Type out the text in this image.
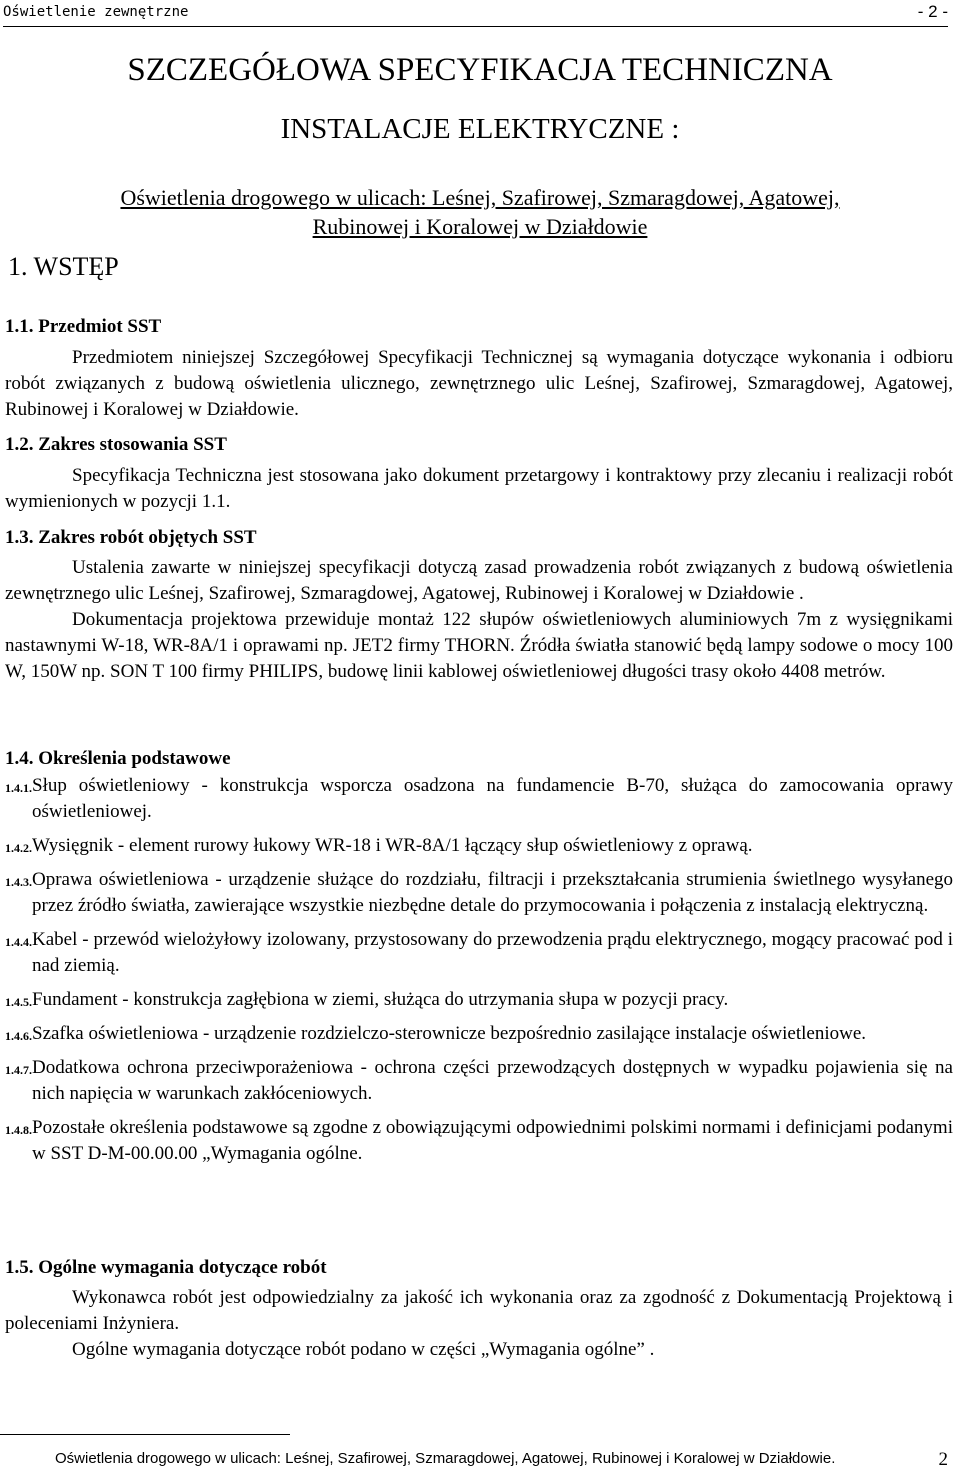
Oświetlenie zewnętrzne	- 2 -
SZCZEGÓŁOWA SPECYFIKACJA TECHNICZNA
INSTALACJE ELEKTRYCZNE :
Oświetlenia drogowego w ulicach: Leśnej, Szafirowej, Szmaragdowej, Agatowej,
Rubinowej i Koralowej w Działdowie
1. WSTĘP
1.1. Przedmiot SST
Przedmiotem niniejszej Szczegółowej Specyfikacji Technicznej są wymagania dotyczące wykonania i odbioru robót związanych z budową oświetlenia ulicznego, zewnętrznego ulic Leśnej, Szafirowej, Szmaragdowej, Agatowej, Rubinowej i Koralowej w Działdowie.
1.2. Zakres stosowania SST
Specyfikacja Techniczna jest stosowana jako dokument przetargowy i kontraktowy przy zlecaniu i realizacji robót wymienionych w pozycji 1.1.
1.3. Zakres robót objętych SST
Ustalenia zawarte w niniejszej specyfikacji dotyczą zasad prowadzenia robót związanych z budową oświetlenia zewnętrznego ulic Leśnej, Szafirowej, Szmaragdowej, Agatowej, Rubinowej i Koralowej w Działdowie .
Dokumentacja projektowa przewiduje montaż 122 słupów oświetleniowych aluminiowych 7m z wysięgnikami nastawnymi W-18, WR-8A/1 i oprawami np. JET2 firmy THORN. Źródła światła stanowić będą lampy sodowe o mocy 100 W, 150W np. SON T 100 firmy PHILIPS, budowę linii kablowej oświetleniowej długości trasy około 4408 metrów.
1.4. Określenia podstawowe
1.4.1. Słup oświetleniowy - konstrukcja wsporcza osadzona na fundamencie B-70, służąca do zamocowania oprawy oświetleniowej.
1.4.2. Wysięgnik - element rurowy łukowy WR-18 i WR-8A/1 łączący słup oświetleniowy z oprawą.
1.4.3. Oprawa oświetleniowa - urządzenie służące do rozdziału, filtracji i przekształcania strumienia świetlnego wysyłanego przez źródło światła, zawierające wszystkie niezbędne detale do przymocowania i połączenia z instalacją elektryczną.
1.4.4. Kabel - przewód wielożyłowy izolowany, przystosowany do przewodzenia prądu elektrycznego, mogący pracować pod i nad ziemią.
1.4.5. Fundament - konstrukcja zagłębiona w ziemi, służąca do utrzymania słupa w pozycji pracy.
1.4.6. Szafka oświetleniowa - urządzenie rozdzielczo-sterownicze bezpośrednio zasilające instalacje oświetleniowe.
1.4.7. Dodatkowa ochrona przeciwporażeniowa - ochrona części przewodzących dostępnych w wypadku pojawienia się na nich napięcia w warunkach zakłóceniowych.
1.4.8. Pozostałe określenia podstawowe są zgodne z obowiązującymi odpowiednimi polskimi normami i definicjami podanymi w SST D-M-00.00.00 „Wymagania ogólne.
1.5. Ogólne wymagania dotyczące robót
Wykonawca robót jest odpowiedzialny za jakość ich wykonania oraz za zgodność z Dokumentacją Projektową i poleceniami Inżyniera.
Ogólne wymagania dotyczące robót podano w części „Wymagania ogólne” .
Oświetlenia drogowego w ulicach: Leśnej, Szafirowej, Szmaragdowej, Agatowej, Rubinowej i Koralowej w Działdowie.	2
